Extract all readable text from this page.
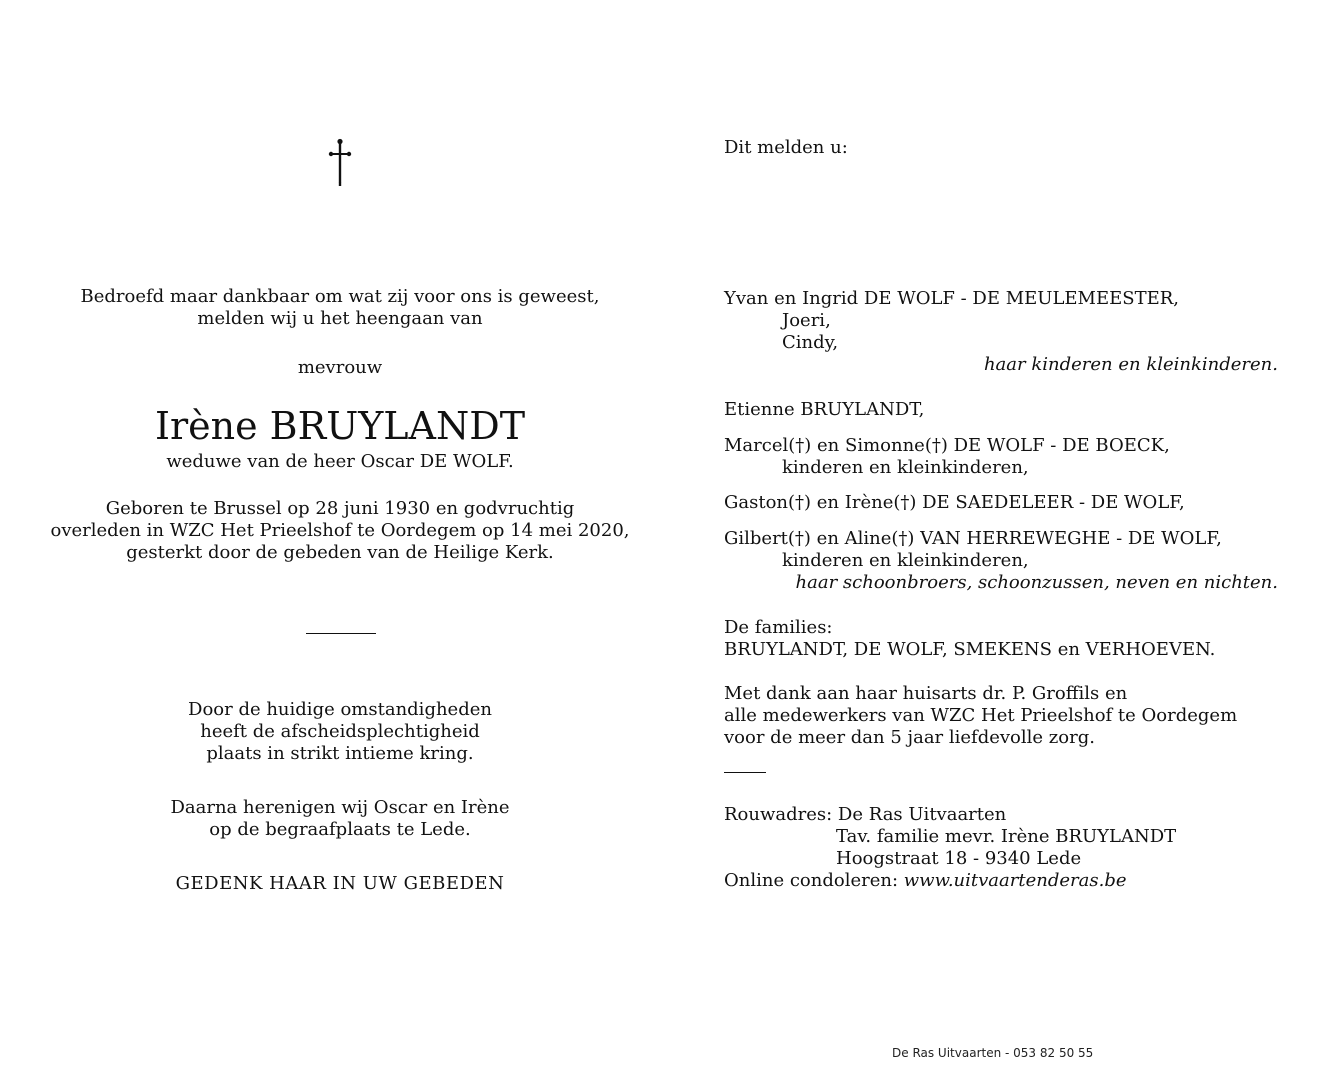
Bedroefd maar dankbaar om wat zij voor ons is geweest,
melden wij u het heengaan van
mevrouw
Irène BRUYLANDT
weduwe van de heer Oscar DE WOLF.
Geboren te Brussel op 28 juni 1930 en godvruchtig
overleden in WZC Het Prieelshof te Oordegem op 14 mei 2020,
gesterkt door de gebeden van de Heilige Kerk.
Door de huidige omstandigheden
heeft de afscheidsplechtigheid
plaats in strikt intieme kring.
Daarna herenigen wij Oscar en Irène
op de begraafplaats te Lede.
GEDENK HAAR IN UW GEBEDEN
Dit melden u:
Yvan en Ingrid DE WOLF - DE MEULEMEESTER,
Joeri,
Cindy,
haar kinderen en kleinkinderen.
Etienne BRUYLANDT,
Marcel(†) en Simonne(†) DE WOLF - DE BOECK,
kinderen en kleinkinderen,
Gaston(†) en Irène(†) DE SAEDELEER - DE WOLF,
Gilbert(†) en Aline(†) VAN HERREWEGHE - DE WOLF,
kinderen en kleinkinderen,
haar schoonbroers, schoonzussen, neven en nichten.
De families:
BRUYLANDT, DE WOLF, SMEKENS en VERHOEVEN.
Met dank aan haar huisarts dr. P. Groffils en
alle medewerkers van WZC Het Prieelshof te Oordegem
voor de meer dan 5 jaar liefdevolle zorg.
Rouwadres: De Ras Uitvaarten
Tav. familie mevr. Irène BRUYLANDT
Hoogstraat 18 - 9340 Lede
Online condoleren: www.uitvaartenderas.be
De Ras Uitvaarten - 053 82 50 55
